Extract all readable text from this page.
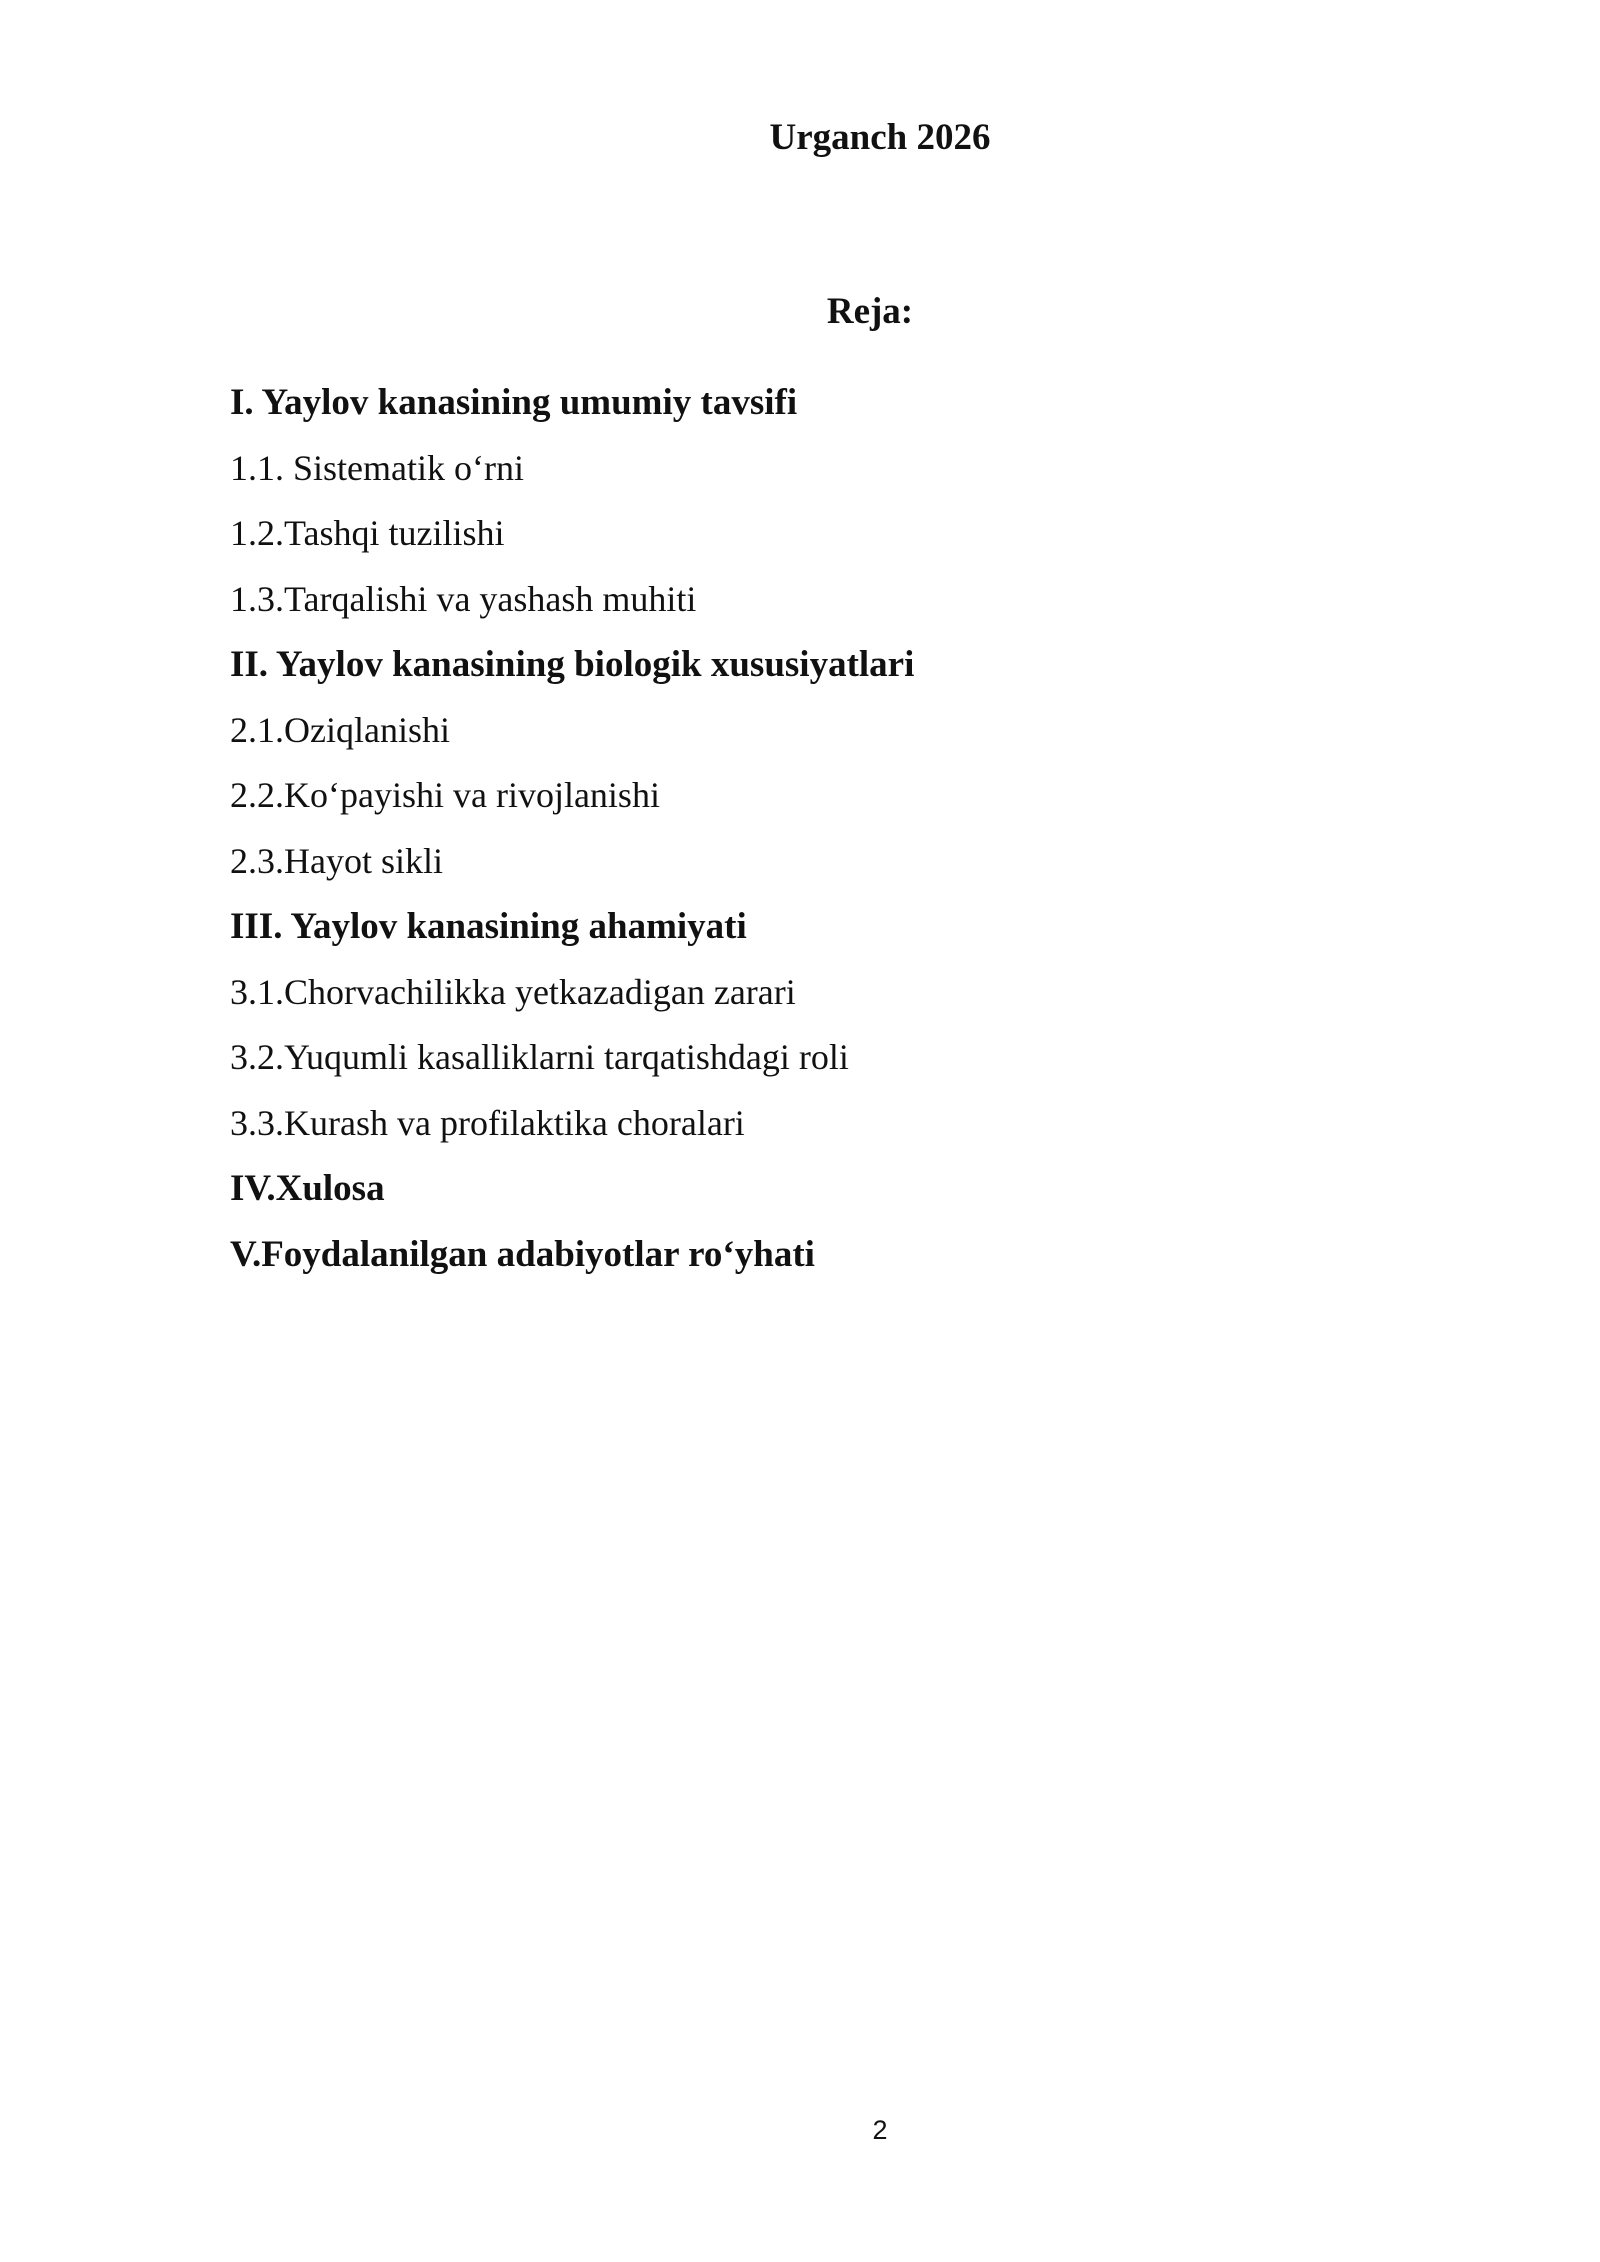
Urganch 2026
Reja:
I. Yaylov kanasining umumiy tavsifi
1.1. Sistematik o‘rni
1.2.Tashqi tuzilishi
1.3.Tarqalishi va yashash muhiti
II. Yaylov kanasining biologik xususiyatlari
2.1.Oziqlanishi
2.2.Ko‘payishi va rivojlanishi
2.3.Hayot sikli
III. Yaylov kanasining ahamiyati
3.1.Chorvachilikka yetkazadigan zarari
3.2.Yuqumli kasalliklarni tarqatishdagi roli
3.3.Kurash va profilaktika choralari
IV.Xulosa
V.Foydalanilgan adabiyotlar ro‘yhati
2
